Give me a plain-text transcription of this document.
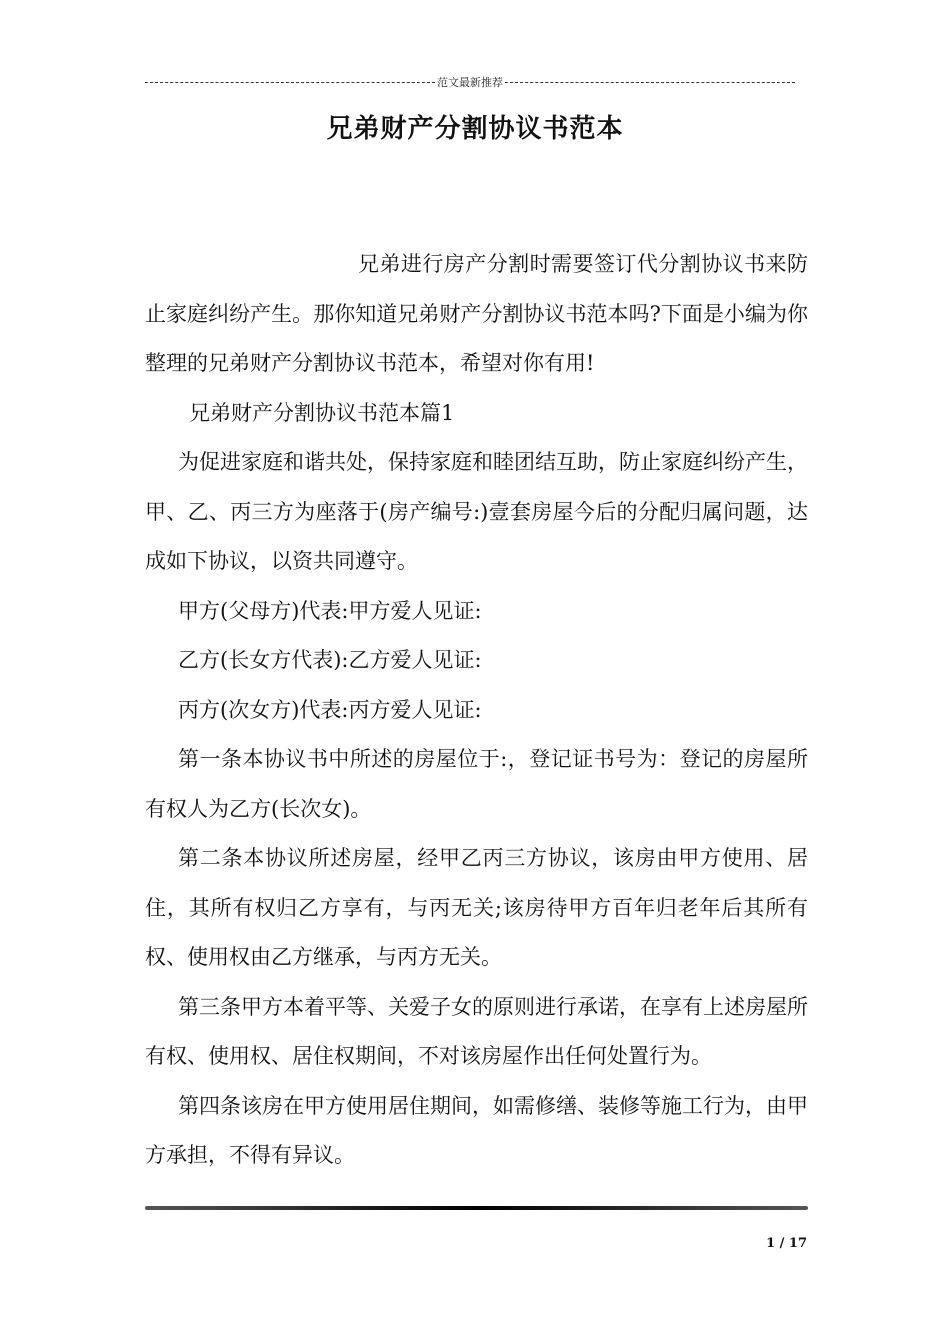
范文最新推荐
兄弟财产分割协议书范本

兄弟进行房产分割时需要签订代分割协议书来防止家庭纠纷产生。那你知道兄弟财产分割协议书范本吗?下面是小编为你整理的兄弟财产分割协议书范本，希望对你有用!

兄弟财产分割协议书范本篇1

为促进家庭和谐共处，保持家庭和睦团结互助，防止家庭纠纷产生，甲、乙、丙三方为座落于(房产编号:)壹套房屋今后的分配归属问题，达成如下协议，以资共同遵守。

甲方(父母方)代表:甲方爱人见证:

乙方(长女方代表):乙方爱人见证:

丙方(次女方)代表:丙方爱人见证:

第一条本协议书中所述的房屋位于:，登记证书号为：登记的房屋所有权人为乙方(长次女)。

第二条本协议所述房屋，经甲乙丙三方协议，该房由甲方使用、居住，其所有权归乙方享有，与丙无关;该房待甲方百年归老年后其所有权、使用权由乙方继承，与丙方无关。

第三条甲方本着平等、关爱子女的原则进行承诺，在享有上述房屋所有权、使用权、居住权期间，不对该房屋作出任何处置行为。

第四条该房在甲方使用居住期间，如需修缮、装修等施工行为，由甲方承担，不得有异议。

1 / 17
